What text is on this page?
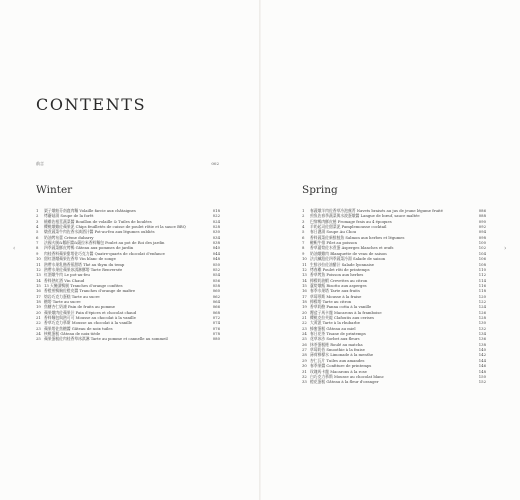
‹	›
CONTENTS
前言	002
Winter
1	栗子燉帕芬南鹿肉麵 Volaille farcie aux châtaignes	018
2	烤蘑菇湯 Soupe de la forêt	022
3	燒雞佐根莖蔬菜醬 Bouillon de volaille & Tuiles de boulées	024
4	櫻桃燉雞佐蘋果泥 Chips feuilletés de cuisse de poulet rôtie et la sauce BBQ	028
5	燉煮蔬菜牛肉佐香水滴酒汁醬 Pot-au-feu aux légumes oubliés	030
6	奶油烤布蕾 Crème dubarry	034
7	法國火腿&鵝肝醬&薩拉米香料麵包 Poulet au pot de Roi des jardin	038
8	四季蔬菜酥皮烤鴨 Gâteau aux pommes de jardin	040
9	肉桂香料蘋果甜塔佐巧克力醬 Quatre-quarts de chocolat d'enfance	044
10 甜紅酒燉蘋果佐香草 Vin blanc de songe	048
11 熱帶水果乳酪香蕉甜塔 Thé au thym du temp	050
12 熱帶水果佐蘋果冰淇淋酥塔 Tarte Renversée	052
13 紅酒燉牛肉 Le pot-au-feu	054
14 香料熱紅酒 Vin Chaud	056
15 13 天醃漬鴨腿 Tranches d'orange confites	058
16 香橙煎鴨胸佐橙皮醬 Tranches d'orange de maître	060
17 熔岩巧克力蛋糕 Tarte au sucre	062
18 糖塔 Tarte au sucre	064
19 焦糖杏仁奶凍 Pain de fruits au pomme	066
20 蘋果燉肉佐蘋果汁 Pain d'épices et chocolat chaud	068
21 香料麵包與熱可可 Mousse au chocolat à la vanille	072
22 香草巧克力慕斯 Mousse au chocolat à la vanille	074
23 蘋果塔佐焦糖醬 Gâteau de noix tuiles	076
24 核桃蛋糕 Gâteau de noix tiède	078
25 蘋果蛋糕佐肉桂香草冰淇淋 Tarte au pomme et cannelle au sommeil	080
Spring
1	春蔬燉羊肉佐香草冷泡蕪菁 Navets braisés au jus de jeune légume fruité	086
2	煎魚佐春季蔬菜與水波蛋燉醬 Langue de bœuf, sauce maltée	088
3	巴黎鴨肉酥皮捲 Fromage frais au 4 époques	090
4	羊奶起司佐甜菜泥 Pamplemousse cocktail	092
5	春日濃湯 Soupe Au Chou	094
6	香料蔬菜佐新鮮鮭魚 Salmon aux herbes et légumes	098
7	韃靼牛排 Filet au poisson	100
8	香草蘆筍佐水煮蛋 Asperges blanches et œufs	102
9	奶油燉雞肉 Blanquette de veau de saison	104
10 法式鹹派佐四季蔬菜冷湯 Salade de saison	106
11 生鮮沙拉佐油醋汁 Salade lyonnaise	108
12 烤春雞 Poulet rôti de printemps	110
13 香草烤魚 Poisson aux herbes	112
14 檸檬奶油蝦 Crevettes au citron	114
15 蘆筍燉飯 Risotto aux asperges	116
16 春季水果塔 Tarte aux fruits	118
17 草莓慕斯 Mousse à la fraise	120
18 檸檬塔 Tarte au citron	122
19 香草奶酪 Panna cotta à la vanille	124
20 覆盆子馬卡龍 Macarons à la framboise	126
21 櫻桃克拉芙緹 Clafoutis aux cerises	128
22 大黃派 Tarte à la rhubarbe	130
23 蜂蜜蛋糕 Gâteau au miel	132
24 春日花茶 Tisane de printemps	134
25 花草冰沙 Sorbet aux fleurs	136
26 抹茶蛋糕捲 Roulé au matcha	138
27 草莓奶昔 Smoothie à la fraise	140
28 薄荷檸檬水 Limonade à la menthe	142
29 杏仁瓦片 Tuiles aux amandes	144
30 春季果醬 Confiture de printemps	146
31 玫瑰馬卡龍 Macarons à la rose	148
32 白巧克力慕斯 Mousse au chocolat blanc	150
33 橙花蛋糕 Gâteau à la fleur d'oranger	152
